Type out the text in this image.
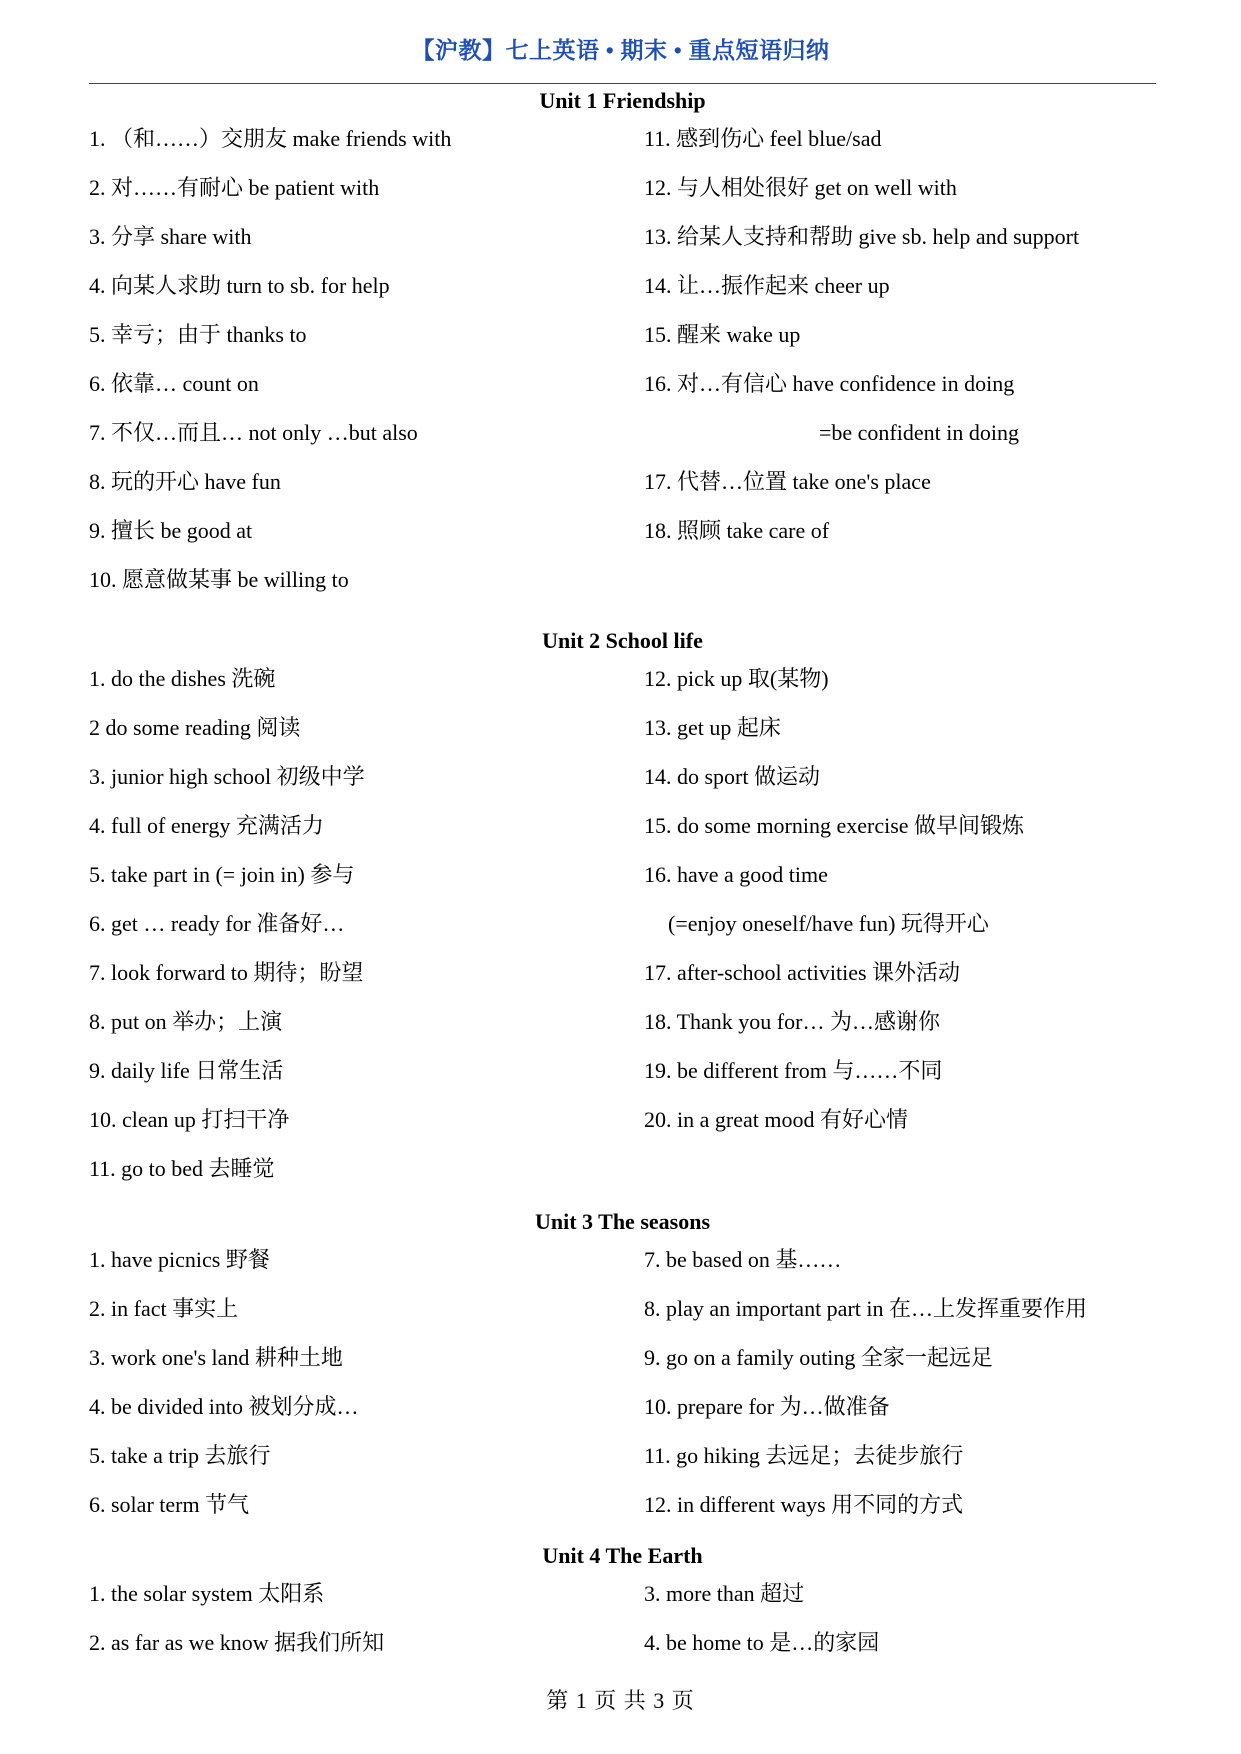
【沪教】七上英语 • 期末 • 重点短语归纳
Unit 1 Friendship
1. （和……）交朋友 make friends with
2. 对……有耐心 be patient with
3. 分享 share with
4. 向某人求助 turn to sb. for help
5. 幸亏；由于 thanks to
6. 依靠… count on
7. 不仅…而且… not only …but also
8. 玩的开心 have fun
9. 擅长 be good at
10. 愿意做某事 be willing to
11. 感到伤心 feel blue/sad
12. 与人相处很好 get on well with
13. 给某人支持和帮助 give sb. help and support
14. 让…振作起来 cheer up
15. 醒来 wake up
16. 对…有信心 have confidence in doing
=be confident in doing
17. 代替…位置 take one's place
18. 照顾 take care of
Unit 2 School life
1. do the dishes 洗碗
2 do some reading 阅读
3. junior high school 初级中学
4. full of energy 充满活力
5. take part in (= join in) 参与
6. get … ready for 准备好…
7. look forward to 期待；盼望
8. put on 举办；上演
9. daily life 日常生活
10. clean up 打扫干净
11. go to bed 去睡觉
12. pick up 取(某物)
13. get up 起床
14. do sport 做运动
15. do some morning exercise 做早间锻炼
16. have a good time
(=enjoy oneself/have fun) 玩得开心
17. after-school activities 课外活动
18. Thank you for… 为…感谢你
19. be different from 与……不同
20. in a great mood 有好心情
Unit 3 The seasons
1. have picnics 野餐
2. in fact 事实上
3. work one's land 耕种土地
4. be divided into 被划分成…
5. take a trip 去旅行
6. solar term 节气
7. be based on 基……
8. play an important part in 在…上发挥重要作用
9. go on a family outing 全家一起远足
10. prepare for 为…做准备
11. go hiking 去远足；去徒步旅行
12. in different ways 用不同的方式
Unit 4 The Earth
1. the solar system 太阳系
2. as far as we know 据我们所知
3. more than 超过
4. be home to 是…的家园
第 1 页 共 3 页
